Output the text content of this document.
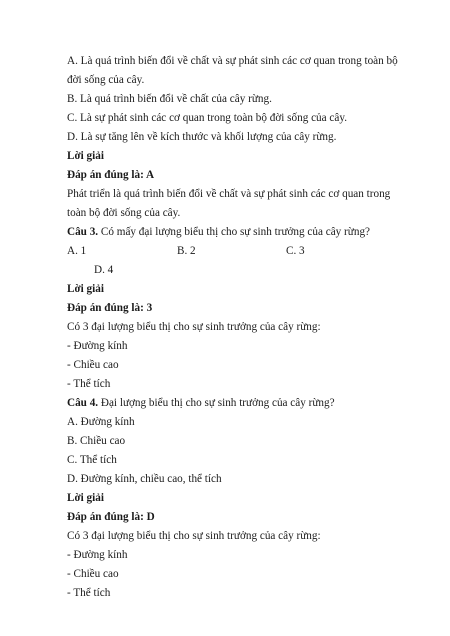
A. Là quá trình biến đổi về chất và sự phát sinh các cơ quan trong toàn bộ
đời sống của cây.
B. Là quá trình biến đổi về chất của cây rừng.
C. Là sự phát sinh các cơ quan trong toàn bộ đời sống của cây.
D. Là sự tăng lên về kích thước và khối lượng của cây rừng.
Lời giải
Đáp án đúng là: A
Phát triển là quá trình biến đổi về chất và sự phát sinh các cơ quan trong
toàn bộ đời sống của cây.
Câu 3. Có mấy đại lượng biểu thị cho sự sinh trưởng của cây rừng?
A. 1	B. 2	C. 3
D. 4
Lời giải
Đáp án đúng là: 3
Có 3 đại lượng biểu thị cho sự sinh trưởng của cây rừng:
- Đường kính
- Chiều cao
- Thể tích
Câu 4. Đại lượng biểu thị cho sự sinh trưởng của cây rừng?
A. Đường kính
B. Chiều cao
C. Thể tích
D. Đường kính, chiều cao, thể tích
Lời giải
Đáp án đúng là: D
Có 3 đại lượng biểu thị cho sự sinh trưởng của cây rừng:
- Đường kính
- Chiều cao
- Thể tích
